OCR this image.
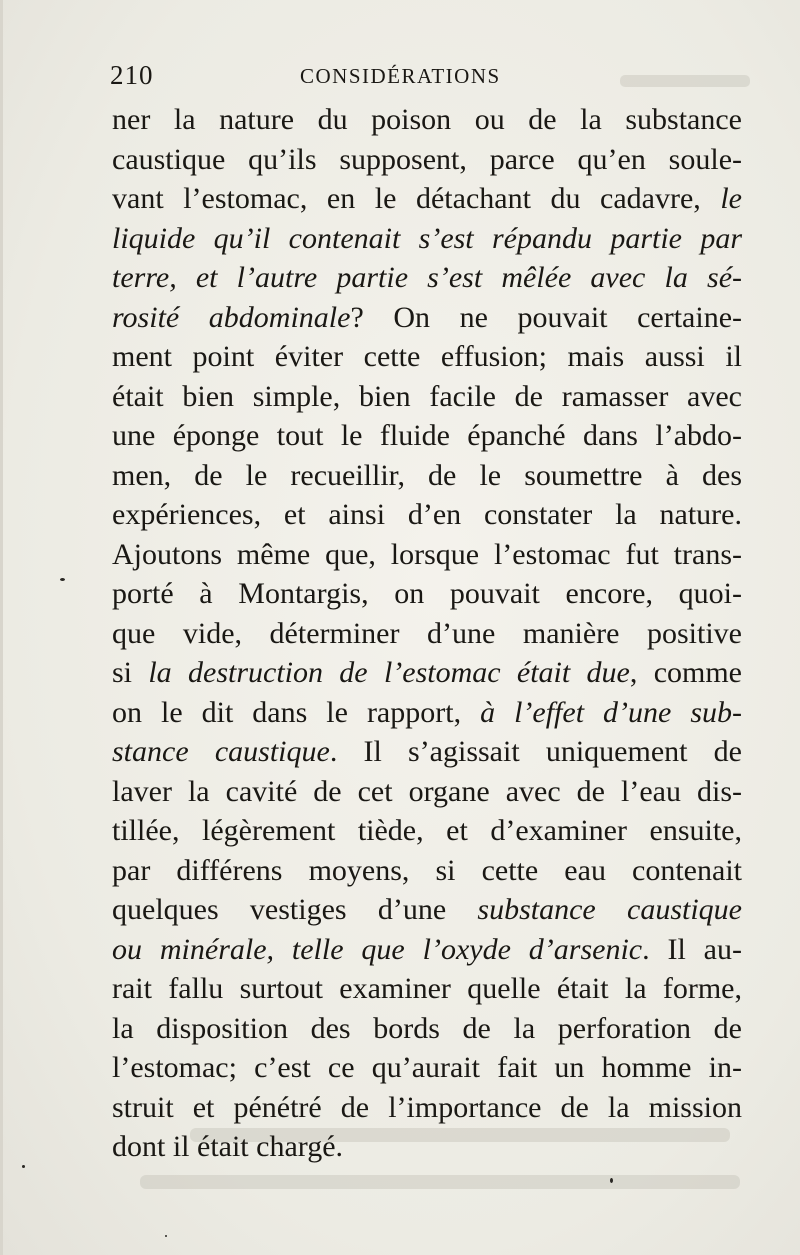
210	CONSIDÉRATIONS
ner la nature du poison ou de la substance
caustique qu’ils supposent, parce qu’en soule-
vant l’estomac, en le détachant du cadavre, le
liquide qu’il contenait s’est répandu partie par
terre, et l’autre partie s’est mêlée avec la sé-
rosité abdominale? On ne pouvait certaine-
ment point éviter cette effusion; mais aussi il
était bien simple, bien facile de ramasser avec
une éponge tout le fluide épanché dans l’abdo-
men, de le recueillir, de le soumettre à des
expériences, et ainsi d’en constater la nature.
Ajoutons même que, lorsque l’estomac fut trans-
porté à Montargis, on pouvait encore, quoi-
que vide, déterminer d’une manière positive
si la destruction de l’estomac était due, comme
on le dit dans le rapport, à l’effet d’une sub-
stance caustique. Il s’agissait uniquement de
laver la cavité de cet organe avec de l’eau dis-
tillée, légèrement tiède, et d’examiner ensuite,
par différens moyens, si cette eau contenait
quelques vestiges d’une substance caustique
ou minérale, telle que l’oxyde d’arsenic. Il au-
rait fallu surtout examiner quelle était la forme,
la disposition des bords de la perforation de
l’estomac; c’est ce qu’aurait fait un homme in-
struit et pénétré de l’importance de la mission
dont il était chargé.
